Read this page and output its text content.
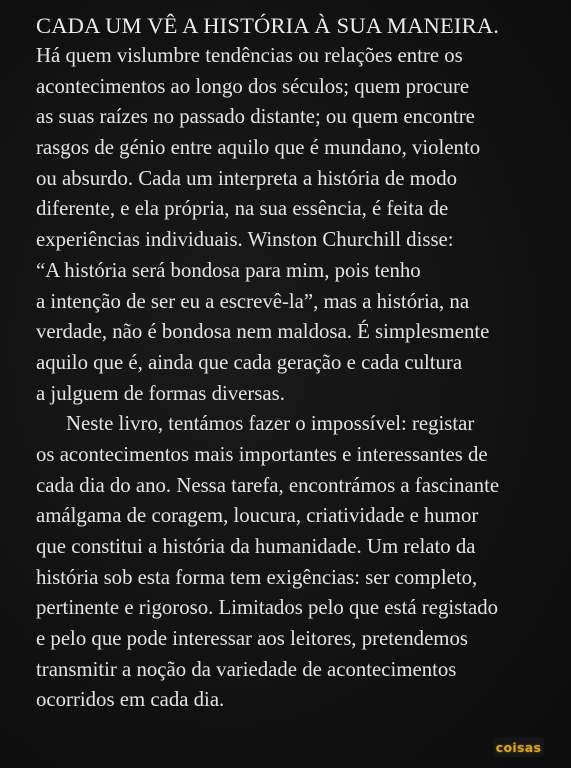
CADA UM VÊ A HISTÓRIA À SUA MANEIRA.
Há quem vislumbre tendências ou relações entre os
acontecimentos ao longo dos séculos; quem procure
as suas raízes no passado distante; ou quem encontre
rasgos de génio entre aquilo que é mundano, violento
ou absurdo. Cada um interpreta a história de modo
diferente, e ela própria, na sua essência, é feita de
experiências individuais. Winston Churchill disse:
“A história será bondosa para mim, pois tenho
a intenção de ser eu a escrevê-la”, mas a história, na
verdade, não é bondosa nem maldosa. É simplesmente
aquilo que é, ainda que cada geração e cada cultura
a julguem de formas diversas.
Neste livro, tentámos fazer o impossível: registar
os acontecimentos mais importantes e interessantes de
cada dia do ano. Nessa tarefa, encontrámos a fascinante
amálgama de coragem, loucura, criatividade e humor
que constitui a história da humanidade. Um relato da
história sob esta forma tem exigências: ser completo,
pertinente e rigoroso. Limitados pelo que está registado
e pelo que pode interessar aos leitores, pretendemos
transmitir a noção da variedade de acontecimentos
ocorridos em cada dia.
coisas
